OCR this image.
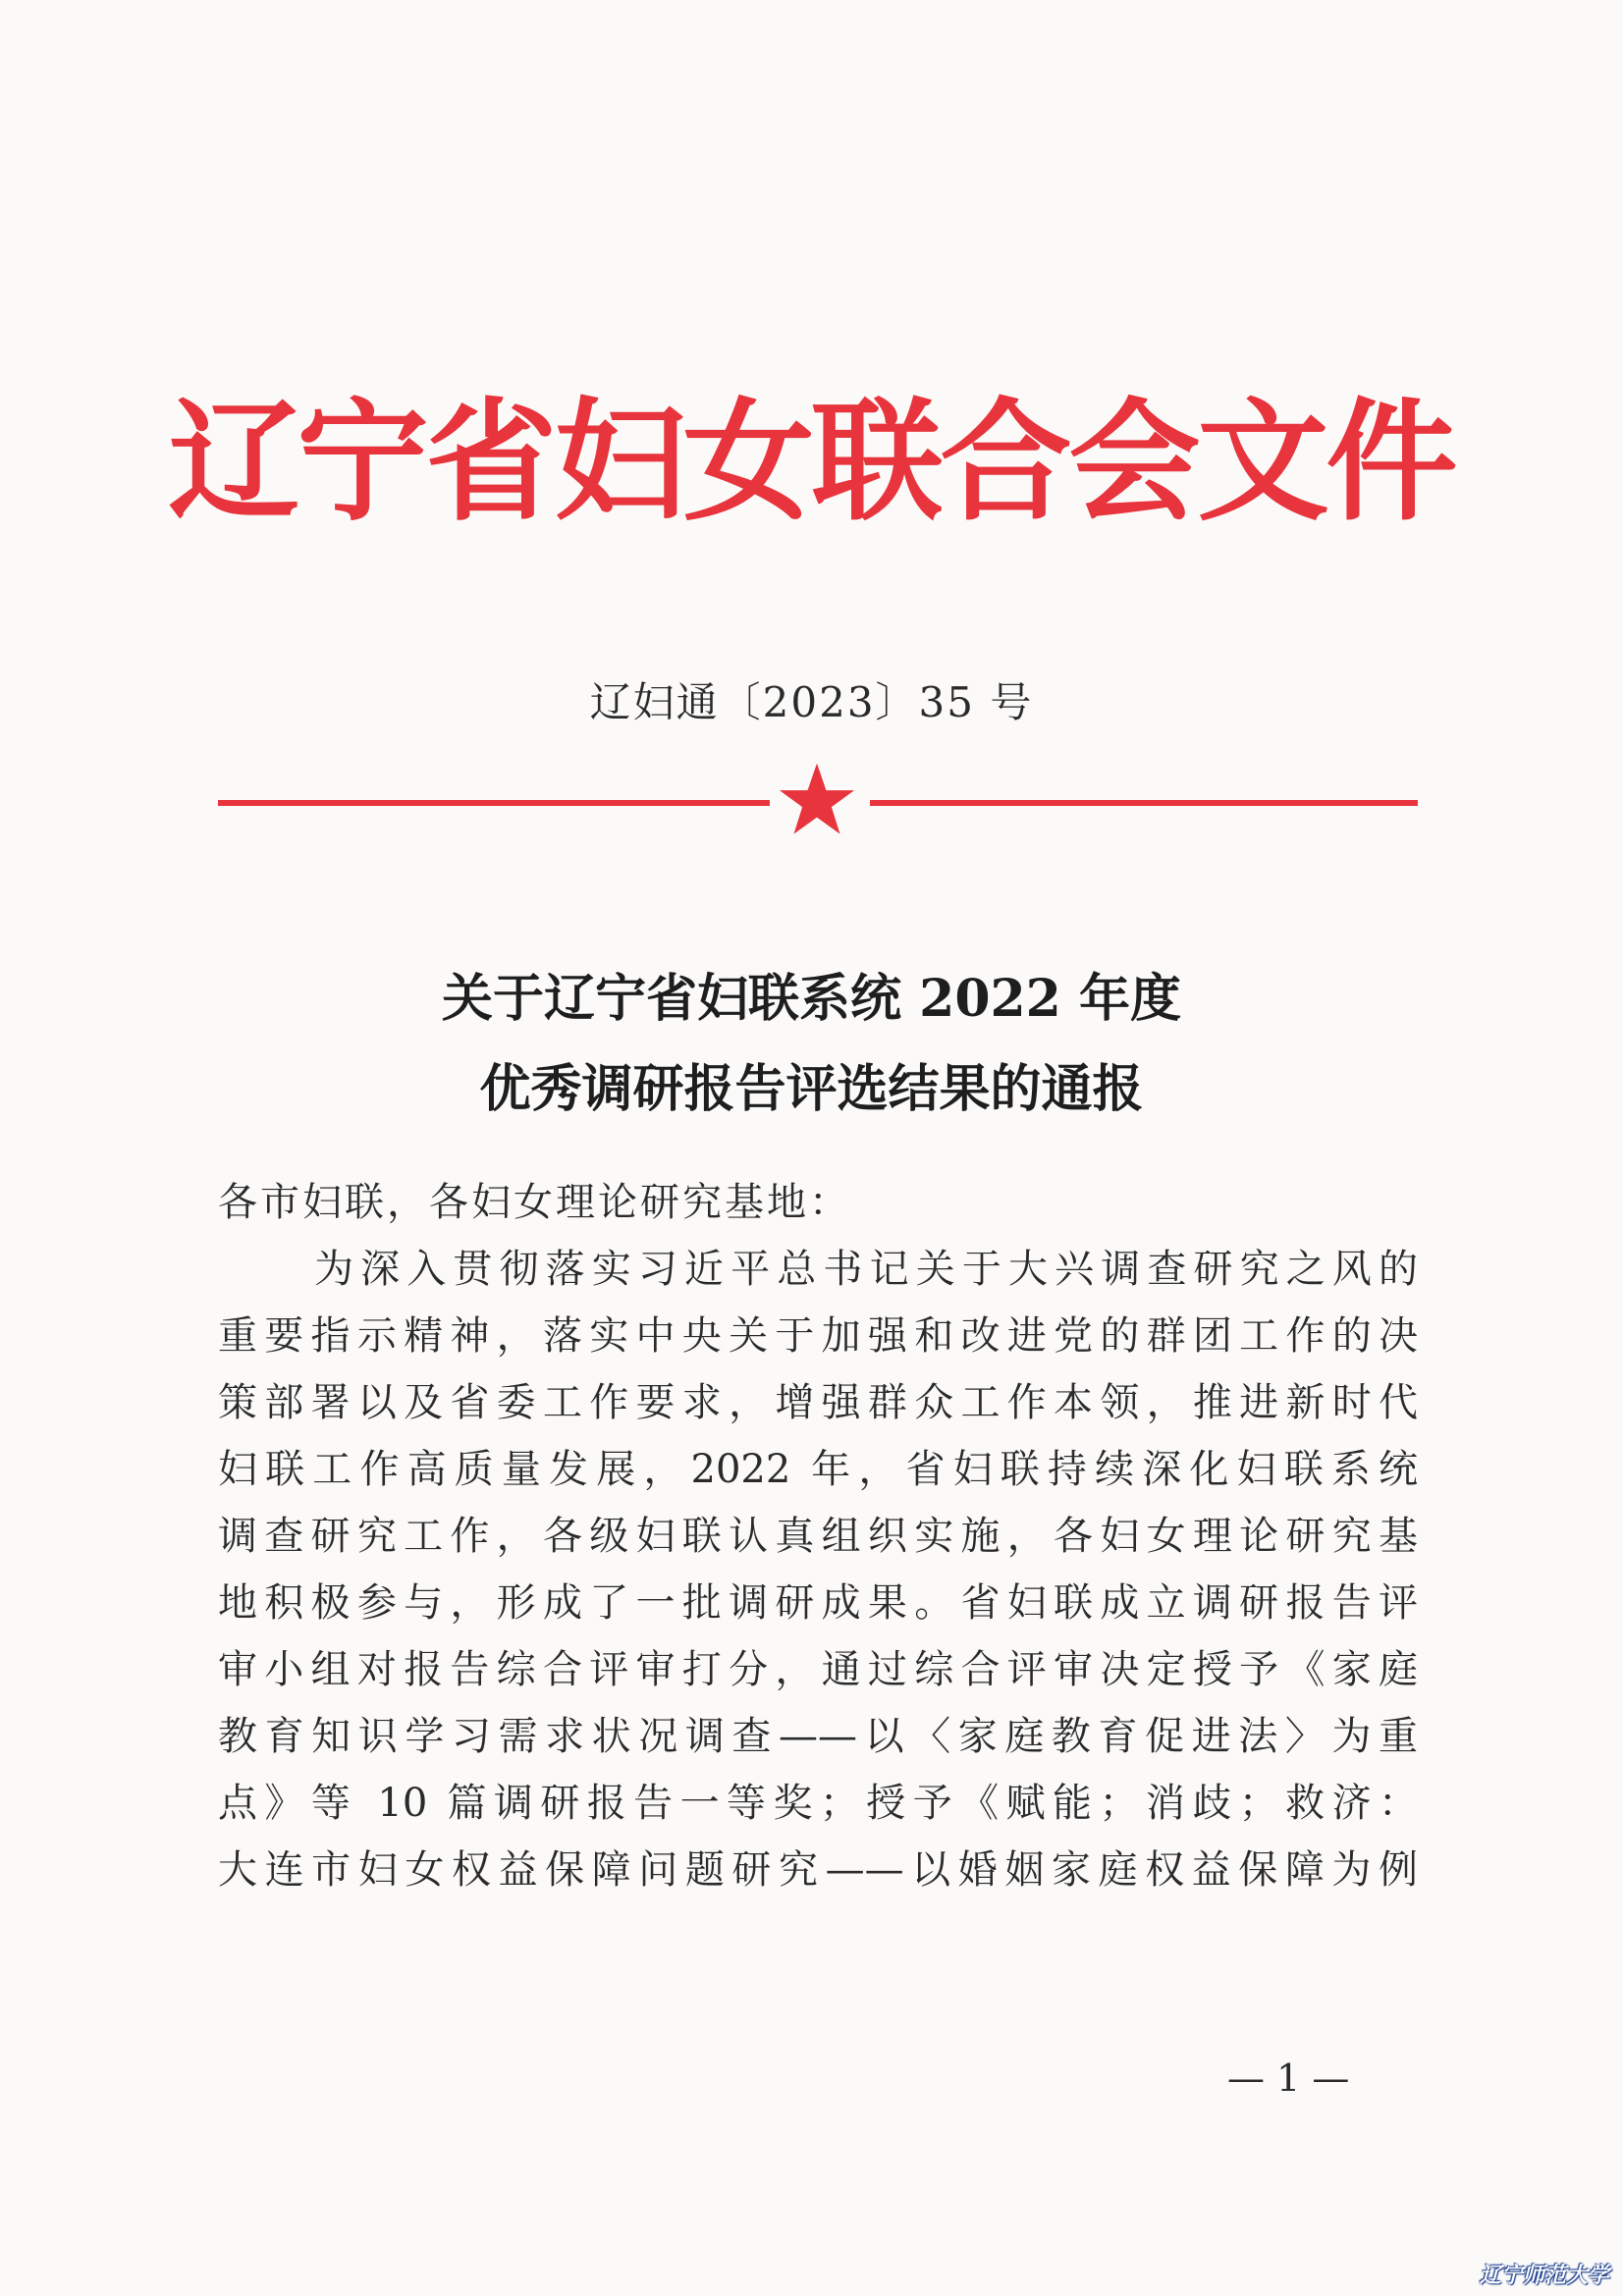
辽宁省妇女联合会文件
辽妇通〔2023〕35 号
关于辽宁省妇联系统 2022 年度
优秀调研报告评选结果的通报
各市妇联，各妇女理论研究基地：
为深入贯彻落实习近平总书记关于大兴调查研究之风的
重要指示精神，落实中央关于加强和改进党的群团工作的决
策部署以及省委工作要求，增强群众工作本领，推进新时代
妇联工作高质量发展，2022 年，省妇联持续深化妇联系统
调查研究工作，各级妇联认真组织实施，各妇女理论研究基
地积极参与，形成了一批调研成果。省妇联成立调研报告评
审小组对报告综合评审打分，通过综合评审决定授予《家庭
教育知识学习需求状况调查——以〈家庭教育促进法〉为重
点》等 10 篇调研报告一等奖；授予《赋能；消歧；救济：
大连市妇女权益保障问题研究——以婚姻家庭权益保障为例
— 1 —
辽宁师范大学
